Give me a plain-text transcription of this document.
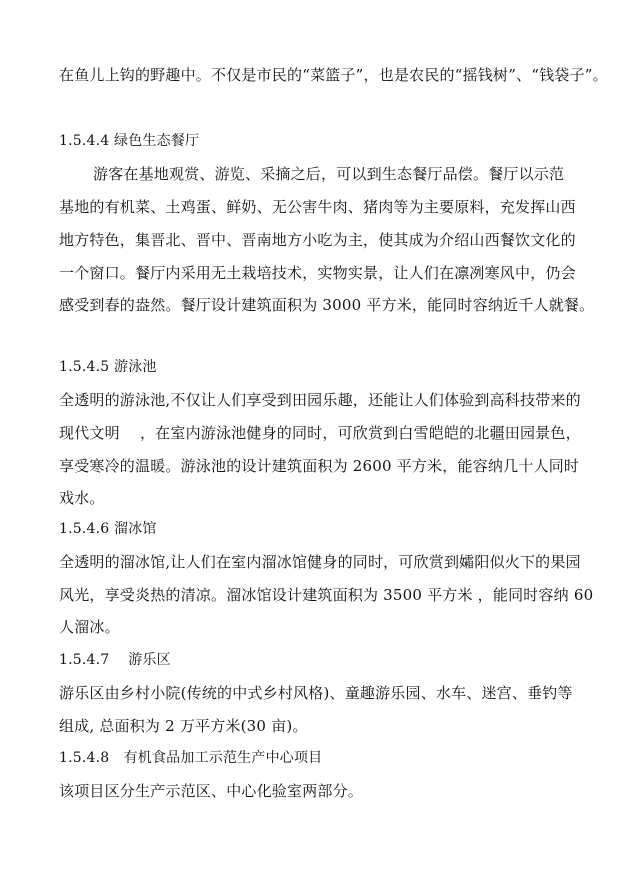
在鱼儿上钩的野趣中。不仅是市民的“菜篮子”，也是农民的“摇钱树”、“钱袋子”。
1.5.4.4 绿色生态餐厅
游客在基地观赏、游览、采摘之后，可以到生态餐厅品偿。餐厅以示范
基地的有机菜、土鸡蛋、鲜奶、无公害牛肉、猪肉等为主要原料，充发挥山西
地方特色，集晋北、晋中、晋南地方小吃为主，使其成为介绍山西餐饮文化的
一个窗口。餐厅内采用无土栽培技术，实物实景，让人们在凛冽寒风中，仍会
感受到春的盎然。餐厅设计建筑面积为 3000 平方米，能同时容纳近千人就餐。
1.5.4.5 游泳池
全透明的游泳池,不仅让人们享受到田园乐趣，还能让人们体验到高科技带来的
现代文明　 ，在室内游泳池健身的同时，可欣赏到白雪皑皑的北疆田园景色，
享受寒冷的温暖。游泳池的设计建筑面积为 2600 平方米，能容纳几十人同时
戏水。
1.5.4.6 溜冰馆
全透明的溜冰馆,让人们在室内溜冰馆健身的同时，可欣赏到孀阳似火下的果园
风光，享受炎热的清凉。溜冰馆设计建筑面积为 3500 平方米 ，能同时容纳 60
人溜冰。
1.5.4.7　 游乐区
游乐区由乡村小院(传统的中式乡村风格)、童趣游乐园、水车、迷宫、垂钓等
组成, 总面积为 2 万平方米(30 亩)。
1.5.4.8　有机食品加工示范生产中心项目
该项目区分生产示范区、中心化验室两部分。
